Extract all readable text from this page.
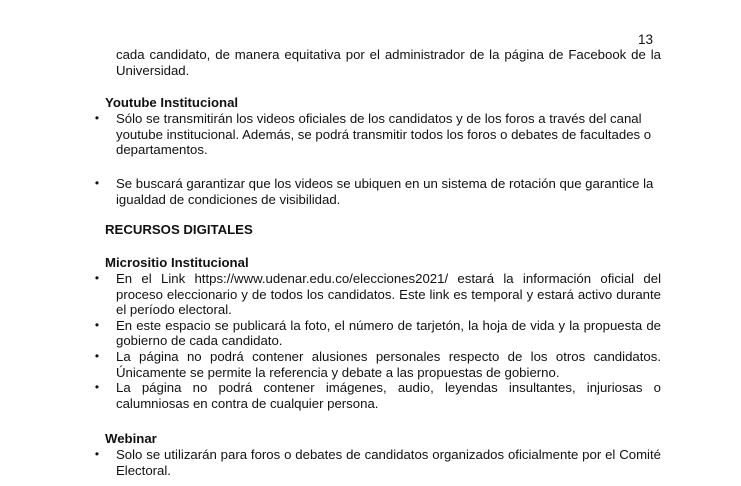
13
cada candidato, de manera equitativa por el administrador de la página de Facebook de la Universidad.
Youtube Institucional
• Sólo se transmitirán los videos oficiales de los candidatos y de los foros a través del canal youtube institucional. Además, se podrá transmitir todos los foros o debates de facultades o departamentos.
• Se buscará garantizar que los videos se ubiquen en un sistema de rotación que garantice la igualdad de condiciones de visibilidad.
RECURSOS DIGITALES
Micrositio Institucional
• En el Link https://www.udenar.edu.co/elecciones2021/ estará la información oficial del proceso eleccionario y de todos los candidatos. Este link es temporal y estará activo durante el período electoral.
• En este espacio se publicará la foto, el número de tarjetón, la hoja de vida y la propuesta de gobierno de cada candidato.
• La página no podrá contener alusiones personales respecto de los otros candidatos. Únicamente se permite la referencia y debate a las propuestas de gobierno.
• La página no podrá contener imágenes, audio, leyendas insultantes, injuriosas o calumniosas en contra de cualquier persona.
Webinar
• Solo se utilizarán para foros o debates de candidatos organizados oficialmente por el Comité Electoral.
